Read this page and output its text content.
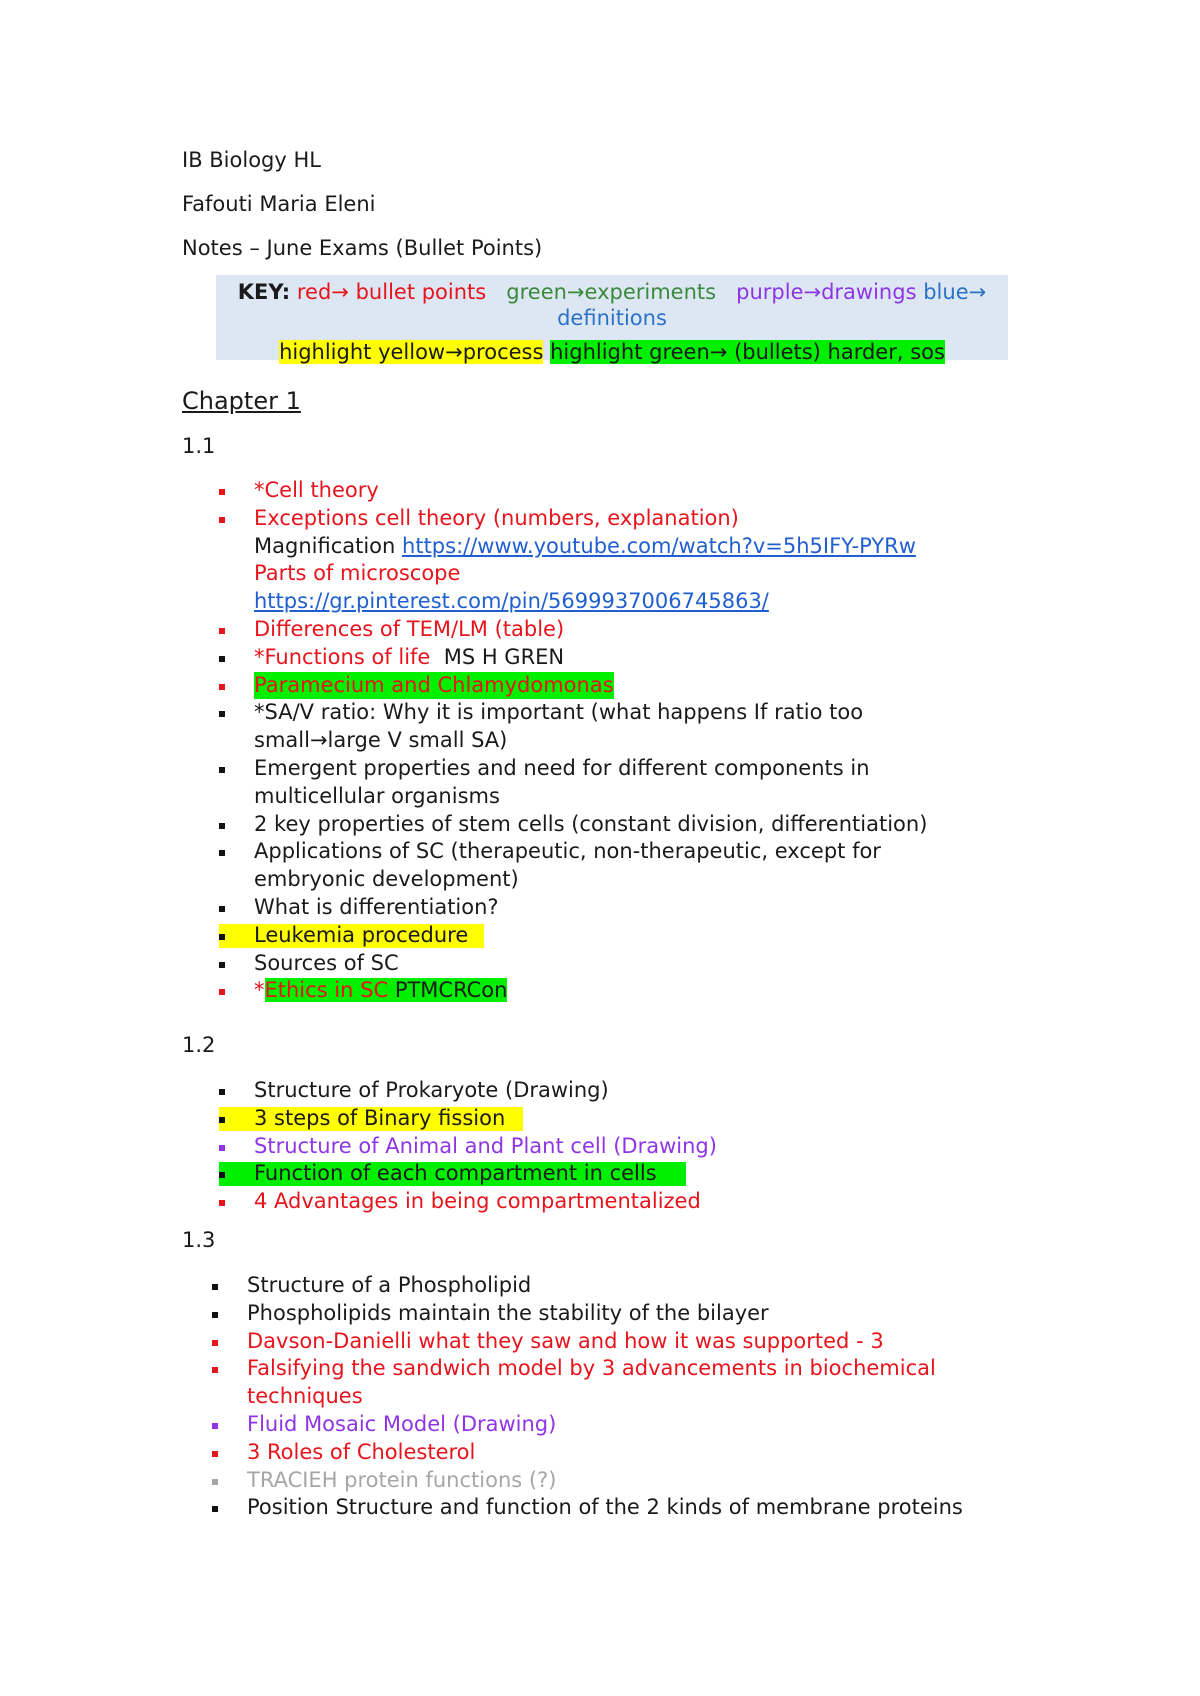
IB Biology HL
Fafouti Maria Eleni
Notes – June Exams (Bullet Points)
KEY: red→ bullet points green→experiments purple→drawings blue→
definitions
highlight yellow→process highlight green→ (bullets) harder, sos
Chapter 1
1.1
*Cell theory
Exceptions cell theory (numbers, explanation)
Magnification https://www.youtube.com/watch?v=5h5IFY-PYRw
Parts of microscope
https://gr.pinterest.com/pin/5699937006745863/
Differences of TEM/LM (table)
*Functions of life MS H GREN
Paramecium and Chlamydomonas
*SA/V ratio: Why it is important (what happens If ratio too
small→large V small SA)
Emergent properties and need for different components in
multicellular organisms
2 key properties of stem cells (constant division, differentiation)
Applications of SC (therapeutic, non-therapeutic, except for
embryonic development)
What is differentiation?
Leukemia procedure
Sources of SC
*Ethics in SC PTMCRCon
1.2
Structure of Prokaryote (Drawing)
3 steps of Binary fission
Structure of Animal and Plant cell (Drawing)
Function of each compartment in cells
4 Advantages in being compartmentalized
1.3
Structure of a Phospholipid
Phospholipids maintain the stability of the bilayer
Davson-Danielli what they saw and how it was supported - 3
Falsifying the sandwich model by 3 advancements in biochemical
techniques
Fluid Mosaic Model (Drawing)
3 Roles of Cholesterol
TRACIEH protein functions (?)
Position Structure and function of the 2 kinds of membrane proteins
